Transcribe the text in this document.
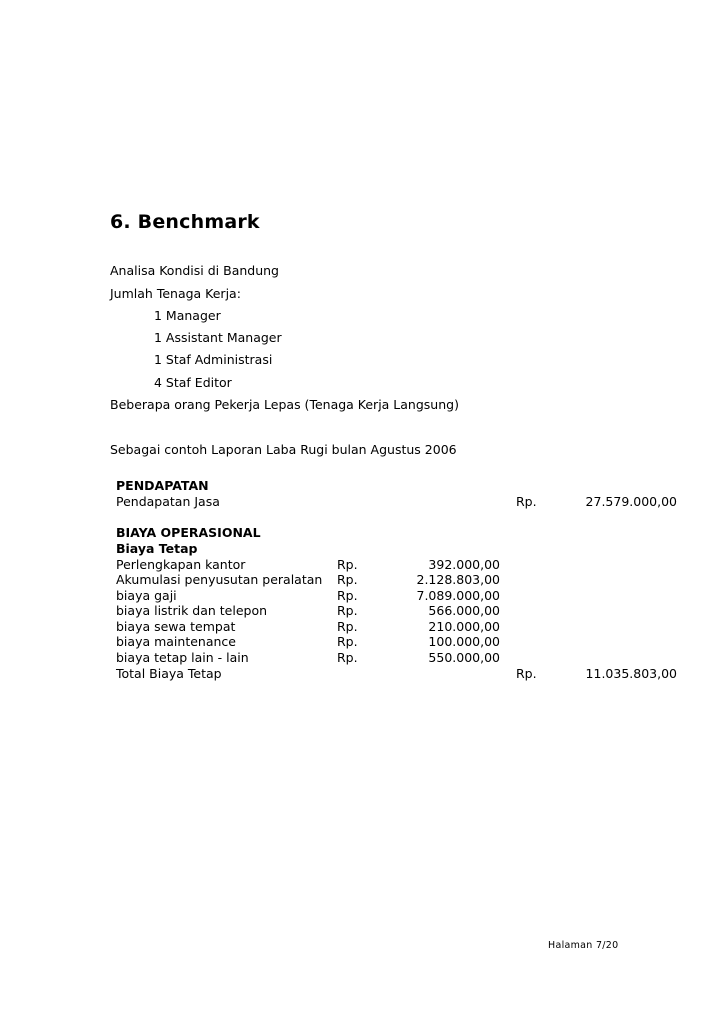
6. Benchmark
Analisa Kondisi di Bandung
Jumlah Tenaga Kerja:
1 Manager
1 Assistant Manager
1 Staf Administrasi
4 Staf Editor
Beberapa orang Pekerja Lepas (Tenaga Kerja Langsung)
Sebagai contoh Laporan Laba Rugi bulan Agustus 2006
PENDAPATAN
Pendapatan Jasa	Rp.	27.579.000,00
BIAYA OPERASIONAL
Biaya Tetap
Perlengkapan kantor	Rp.	392.000,00
Akumulasi penyusutan peralatan Rp.	2.128.803,00
biaya gaji	Rp.	7.089.000,00
biaya listrik dan telepon	Rp.	566.000,00
biaya sewa tempat	Rp.	210.000,00
biaya maintenance	Rp.	100.000,00
biaya tetap lain - lain	Rp.	550.000,00
Total Biaya Tetap	Rp.	11.035.803,00
Halaman 7/20
